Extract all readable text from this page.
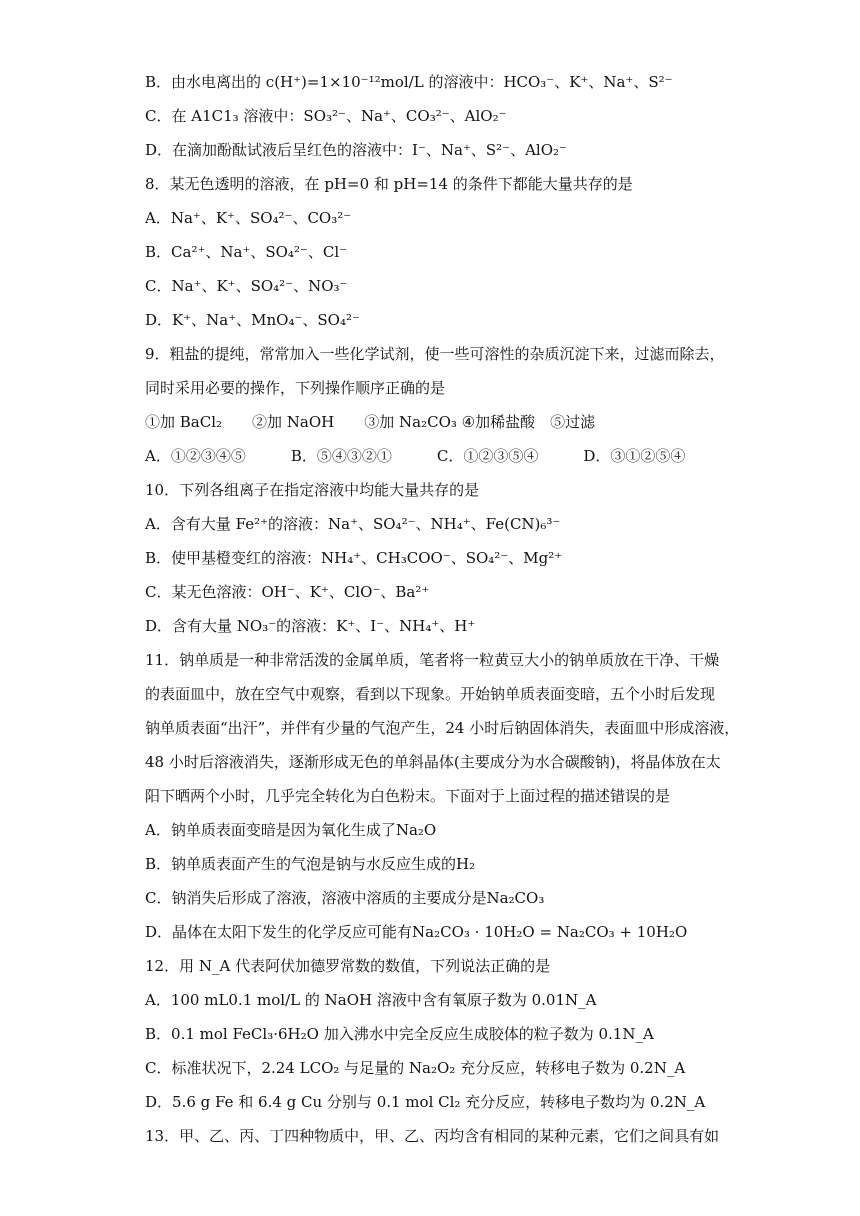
B．由水电离出的 c(H⁺)=1×10⁻¹²mol/L 的溶液中：HCO₃⁻、K⁺、Na⁺、S²⁻
C．在 A1C1₃ 溶液中：SO₃²⁻、Na⁺、CO₃²⁻、AlO₂⁻
D．在滴加酚酞试液后呈红色的溶液中：I⁻、Na⁺、S²⁻、AlO₂⁻
8．某无色透明的溶液，在 pH=0 和 pH=14 的条件下都能大量共存的是
A．Na⁺、K⁺、SO₄²⁻、CO₃²⁻
B．Ca²⁺、Na⁺、SO₄²⁻、Cl⁻
C．Na⁺、K⁺、SO₄²⁻、NO₃⁻
D．K⁺、Na⁺、MnO₄⁻、SO₄²⁻
9．粗盐的提纯，常常加入一些化学试剂，使一些可溶性的杂质沉淀下来，过滤而除去，
同时采用必要的操作，下列操作顺序正确的是
①加 BaCl₂　　②加 NaOH　　③加 Na₂CO₃ ④加稀盐酸　⑤过滤
A．①②③④⑤　　　B．⑤④③②①　　　C．①②③⑤④　　　D．③①②⑤④
10．下列各组离子在指定溶液中均能大量共存的是
A．含有大量 Fe²⁺的溶液：Na⁺、SO₄²⁻、NH₄⁺、Fe(CN)₆³⁻
B．使甲基橙变红的溶液：NH₄⁺、CH₃COO⁻、SO₄²⁻、Mg²⁺
C．某无色溶液：OH⁻、K⁺、ClO⁻、Ba²⁺
D．含有大量 NO₃⁻的溶液：K⁺、I⁻、NH₄⁺、H⁺
11．钠单质是一种非常活泼的金属单质，笔者将一粒黄豆大小的钠单质放在干净、干燥
的表面皿中，放在空气中观察，看到以下现象。开始钠单质表面变暗，五个小时后发现
钠单质表面“出汗”，并伴有少量的气泡产生，24 小时后钠固体消失，表面皿中形成溶液，
48 小时后溶液消失，逐渐形成无色的单斜晶体(主要成分为水合碳酸钠)，将晶体放在太
阳下晒两个小时，几乎完全转化为白色粉末。下面对于上面过程的描述错误的是
A．钠单质表面变暗是因为氧化生成了Na₂O
B．钠单质表面产生的气泡是钠与水反应生成的H₂
C．钠消失后形成了溶液，溶液中溶质的主要成分是Na₂CO₃
D．晶体在太阳下发生的化学反应可能有Na₂CO₃ · 10H₂O = Na₂CO₃ + 10H₂O
12．用 N_A 代表阿伏加德罗常数的数值，下列说法正确的是
A．100 mL0.1 mol/L 的 NaOH 溶液中含有氧原子数为 0.01N_A
B．0.1 mol FeCl₃·6H₂O 加入沸水中完全反应生成胶体的粒子数为 0.1N_A
C．标准状况下，2.24 LCO₂ 与足量的 Na₂O₂ 充分反应，转移电子数为 0.2N_A
D．5.6 g Fe 和 6.4 g Cu 分别与 0.1 mol Cl₂ 充分反应，转移电子数均为 0.2N_A
13．甲、乙、丙、丁四种物质中，甲、乙、丙均含有相同的某种元素，它们之间具有如
